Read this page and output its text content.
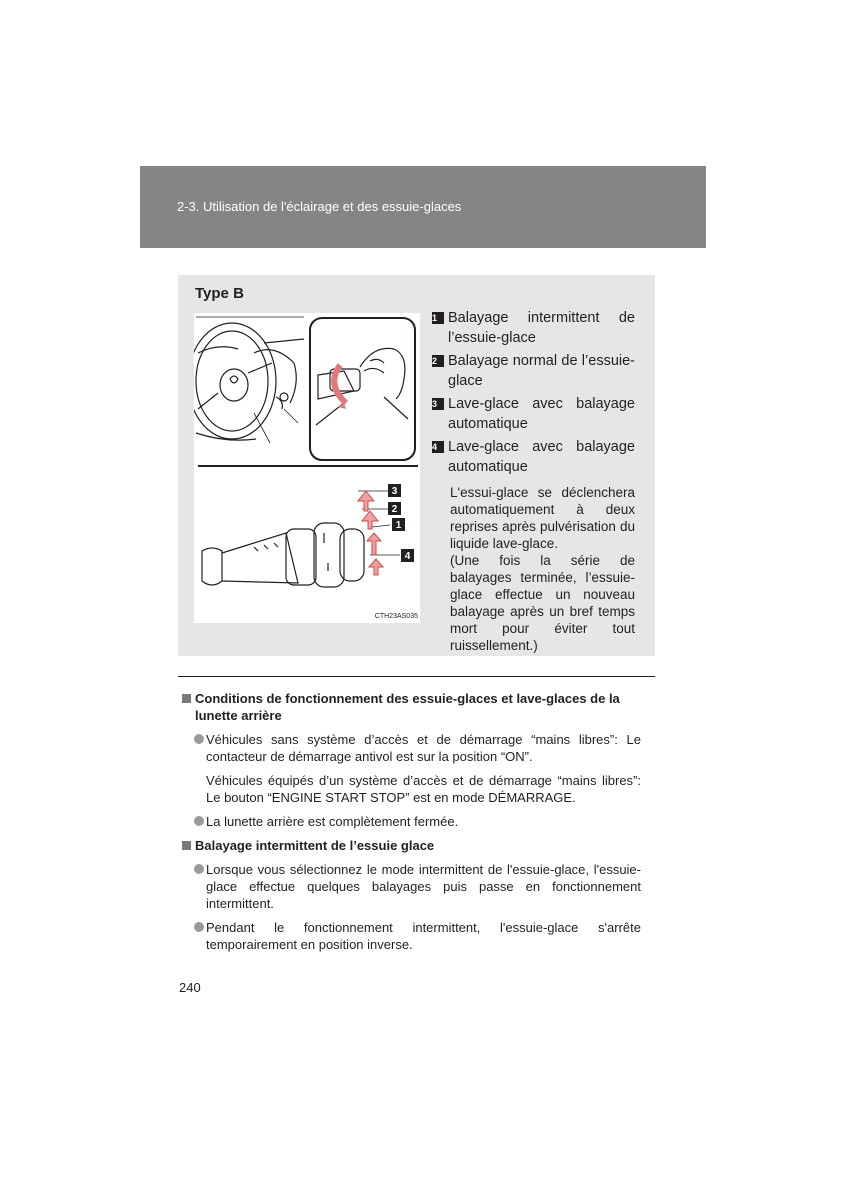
2-3. Utilisation de l'éclairage et des essuie-glaces
Type B
3
2
1
4
CTH23AS035
1 Balayage intermittent de l’essuie-glace
2 Balayage normal de l’essuie-glace
3 Lave-glace avec balayage automatique
4 Lave-glace avec balayage automatique

L'essui-glace se déclenchera automatiquement à deux reprises après pulvérisation du liquide lave-glace.
(Une fois la série de balayages terminée, l’essuie-glace effectue un nouveau balayage après un bref temps mort pour éviter tout ruissellement.)

Conditions de fonctionnement des essuie-glaces et lave-glaces de la lunette arrière
Véhicules sans système d’accès et de démarrage “mains libres”: Le contacteur de démarrage antivol est sur la position “ON”.
Véhicules équipés d’un système d’accès et de démarrage “mains libres”: Le bouton “ENGINE START STOP” est en mode DÉMARRAGE.
La lunette arrière est complètement fermée.
Balayage intermittent de l’essuie glace
Lorsque vous sélectionnez le mode intermittent de l'essuie-glace, l'essuie-glace effectue quelques balayages puis passe en fonctionnement intermittent.
Pendant le fonctionnement intermittent, l'essuie-glace s'arrête temporairement en position inverse.
240
